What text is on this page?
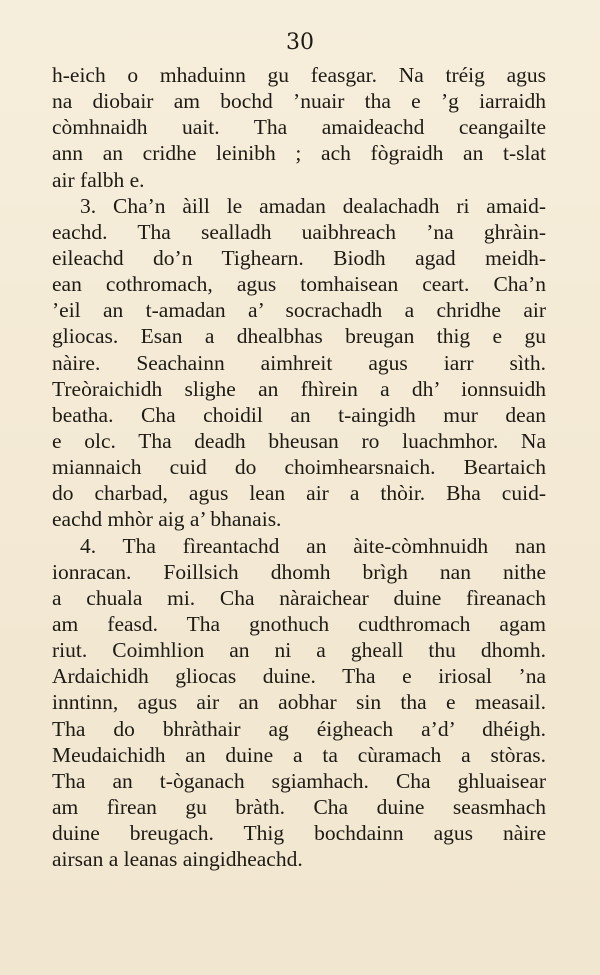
30
h-eich o mhaduinn gu feasgar. Na tréig agus
na diobair am bochd ’nuair tha e ’g iarraidh
còmhnaidh uait. Tha amaideachd ceangailte
ann an cridhe leinibh ; ach fògraidh an t-slat
air falbh e.
3. Cha’n àill le amadan dealachadh ri amaid-
eachd. Tha sealladh uaibhreach ’na ghràin-
eileachd do’n Tighearn. Biodh agad meidh-
ean cothromach, agus tomhaisean ceart. Cha’n
’eil an t-amadan a’ socrachadh a chridhe air
gliocas. Esan a dhealbhas breugan thig e gu
nàire. Seachainn aimhreit agus iarr sìth.
Treòraichidh slighe an fhìrein a dh’ ionnsuidh
beatha. Cha choidil an t-aingidh mur dean
e olc. Tha deadh bheusan ro luachmhor. Na
miannaich cuid do choimhearsnaich. Beartaich
do charbad, agus lean air a thòir. Bha cuid-
eachd mhòr aig a’ bhanais.
4. Tha fìreantachd an àite-còmhnuidh nan
ionracan. Foillsich dhomh brìgh nan nithe
a chuala mi. Cha nàraichear duine fìreanach
am feasd. Tha gnothuch cudthromach agam
riut. Coimhlion an ni a gheall thu dhomh.
Ardaichidh gliocas duine. Tha e iriosal ’na
inntinn, agus air an aobhar sin tha e measail.
Tha do bhràthair ag éigheach a’d’ dhéigh.
Meudaichidh an duine a ta cùramach a stòras.
Tha an t-òganach sgiamhach. Cha ghluaisear
am fìrean gu bràth. Cha duine seasmhach
duine breugach. Thig bochdainn agus nàire
airsan a leanas aingidheachd.
